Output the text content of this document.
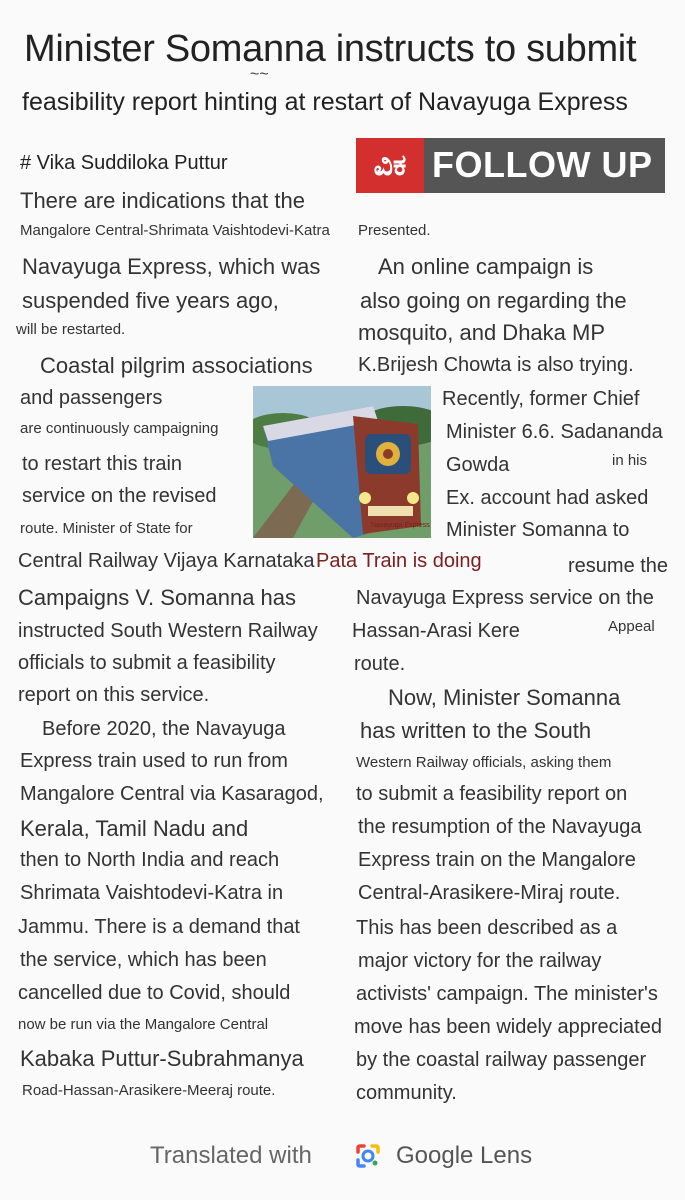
Minister Somanna instructs to submit
~~
feasibility report hinting at restart of Navayuga Express
# Vika Suddiloka Puttur	ವಿಕ FOLLOW UP
There are indications that the
Mangalore Central-Shrimata Vaishtodevi-Katra
Navayuga Express, which was
suspended five years ago,
will be restarted.
Coastal pilgrim associations
and passengers
are continuously campaigning
to restart this train
service on the revised
route. Minister of State for
Central Railway Vijaya Karnataka
Campaigns V. Somanna has
instructed South Western Railway
officials to submit a feasibility
report on this service.
Before 2020, the Navayuga
Express train used to run from
Mangalore Central via Kasaragod,
Kerala, Tamil Nadu and
then to North India and reach
Shrimata Vaishtodevi-Katra in
Jammu. There is a demand that
the service, which has been
cancelled due to Covid, should
now be run via the Mangalore Central
Kabaka Puttur-Subrahmanya
Road-Hassan-Arasikere-Meeraj route.
Navayuga Express
Presented.
An online campaign is
also going on regarding the
mosquito, and Dhaka MP
K.Brijesh Chowta is also trying.
Recently, former Chief
Minister 6.6. Sadananda
Gowda	in his
Ex. account had asked
Minister Somanna to
Pata Train is doing	resume the
Navayuga Express service on the
Hassan-Arasi Kere	Appeal
route.
Now, Minister Somanna
has written to the South
Western Railway officials, asking them
to submit a feasibility report on
the resumption of the Navayuga
Express train on the Mangalore
Central-Arasikere-Miraj route.
This has been described as a
major victory for the railway
activists' campaign. The minister's
move has been widely appreciated
by the coastal railway passenger
community.
Translated with	Google Lens
